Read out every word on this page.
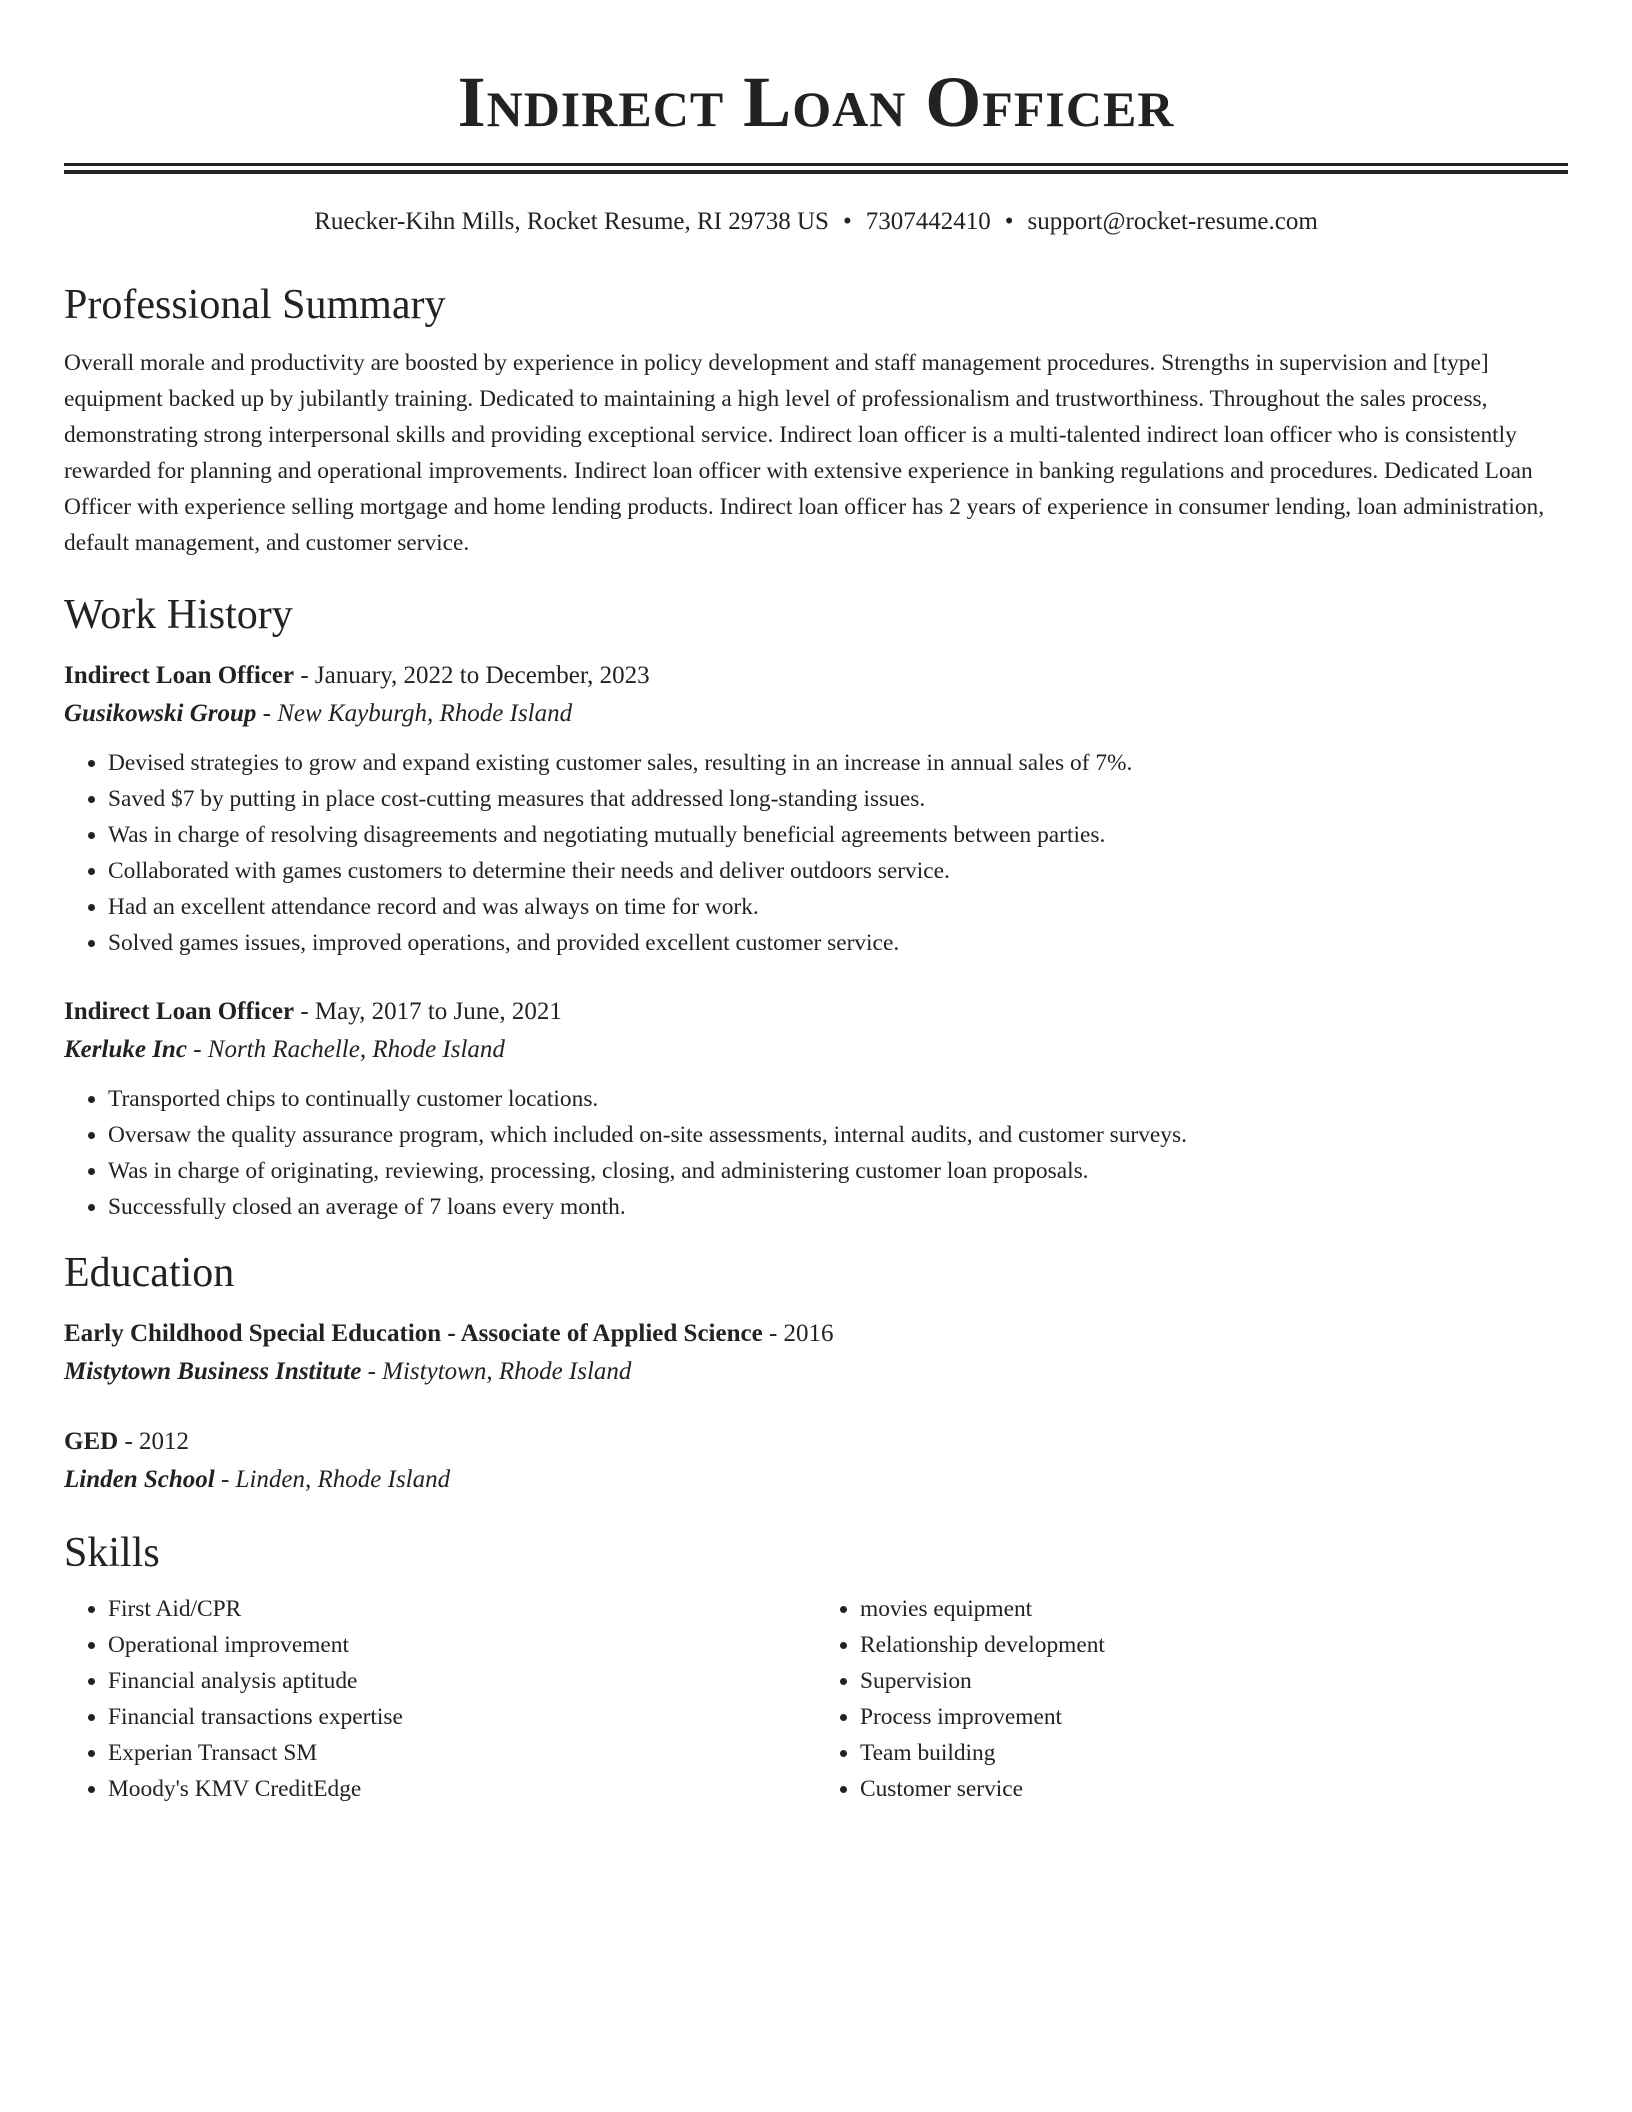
Indirect Loan Officer
Ruecker-Kihn Mills, Rocket Resume, RI 29738 US • 7307442410 • support@rocket-resume.com
Professional Summary

Overall morale and productivity are boosted by experience in policy development and staff management procedures. Strengths in supervision and [type] equipment backed up by jubilantly training. Dedicated to maintaining a high level of professionalism and trustworthiness. Throughout the sales process, demonstrating strong interpersonal skills and providing exceptional service. Indirect loan officer is a multi-talented indirect loan officer who is consistently rewarded for planning and operational improvements. Indirect loan officer with extensive experience in banking regulations and procedures. Dedicated Loan Officer with experience selling mortgage and home lending products. Indirect loan officer has 2 years of experience in consumer lending, loan administration, default management, and customer service.

Work History
Indirect Loan Officer - January, 2022 to December, 2023
Gusikowski Group - New Kayburgh, Rhode Island
• Devised strategies to grow and expand existing customer sales, resulting in an increase in annual sales of 7%.
• Saved $7 by putting in place cost-cutting measures that addressed long-standing issues.
• Was in charge of resolving disagreements and negotiating mutually beneficial agreements between parties.
• Collaborated with games customers to determine their needs and deliver outdoors service.
• Had an excellent attendance record and was always on time for work.
• Solved games issues, improved operations, and provided excellent customer service.
Indirect Loan Officer - May, 2017 to June, 2021
Kerluke Inc - North Rachelle, Rhode Island
• Transported chips to continually customer locations.
• Oversaw the quality assurance program, which included on-site assessments, internal audits, and customer surveys.
• Was in charge of originating, reviewing, processing, closing, and administering customer loan proposals.
• Successfully closed an average of 7 loans every month.
Education
Early Childhood Special Education - Associate of Applied Science - 2016
Mistytown Business Institute - Mistytown, Rhode Island
GED - 2012
Linden School - Linden, Rhode Island
Skills
• First Aid/CPR
• Operational improvement
• Financial analysis aptitude
• Financial transactions expertise
• Experian Transact SM
• Moody's KMV CreditEdge
• movies equipment
• Relationship development
• Supervision
• Process improvement
• Team building
• Customer service
